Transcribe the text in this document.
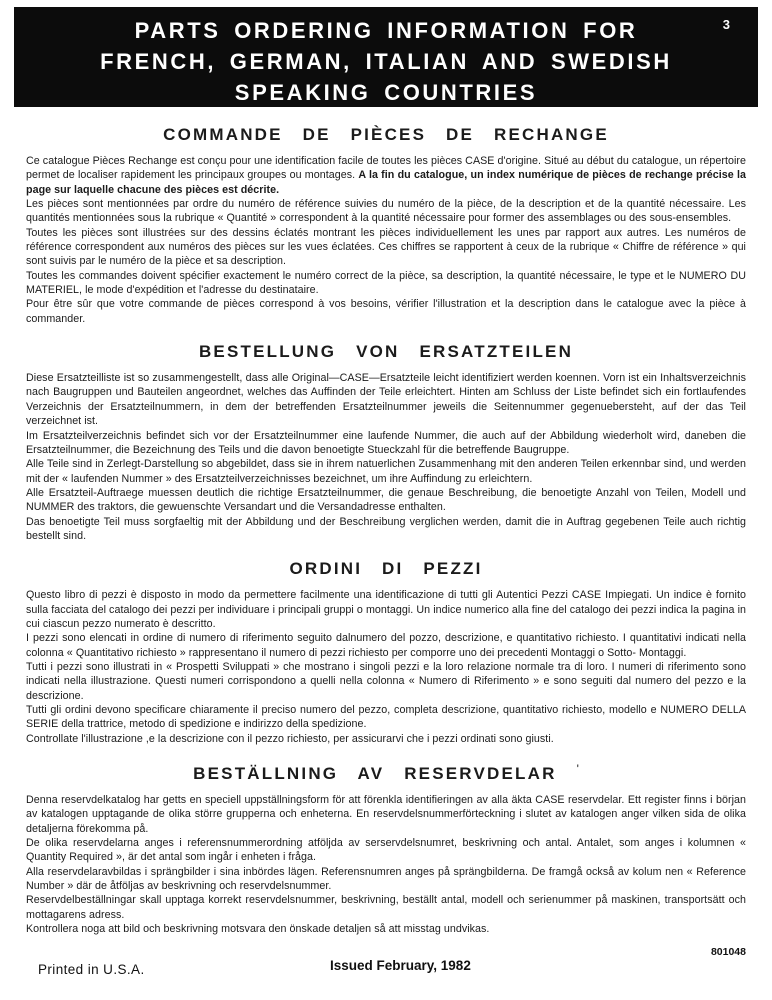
PARTS ORDERING INFORMATION FOR
FRENCH, GERMAN, ITALIAN AND SWEDISH
SPEAKING COUNTRIES
3
COMMANDE DE PIÈCES DE RECHANGE

Ce catalogue Pièces Rechange est conçu pour une identification facile de toutes les pièces CASE d'origine. Situé au début du catalogue, un répertoire permet de localiser rapidement les principaux groupes ou montages. A la fin du catalogue, un index numérique de pièces de rechange précise la page sur laquelle chacune des pièces est décrite.

Les pièces sont mentionnées par ordre du numéro de référence suivies du numéro de la pièce, de la description et de la quantité nécessaire. Les quantités mentionnées sous la rubrique « Quantité » correspondent à la quantité nécessaire pour former des assemblages ou des sous-ensembles.

Toutes les pièces sont illustrées sur des dessins éclatés montrant les pièces individuellement les unes par rapport aux autres. Les numéros de référence correspondent aux numéros des pièces sur les vues éclatées. Ces chiffres se rapportent à ceux de la rubrique « Chiffre de référence » qui sont suivis par le numéro de la pièce et sa description.

Toutes les commandes doivent spécifier exactement le numéro correct de la pièce, sa description, la quantité nécessaire, le type et le NUMERO DU MATERIEL, le mode d'expédition et l'adresse du destinataire.

Pour être sûr que votre commande de pièces correspond à vos besoins, vérifier l'illustration et la description dans le catalogue avec la pièce à commander.

BESTELLUNG VON ERSATZTEILEN

Diese Ersatzteilliste ist so zusammengestellt, dass alle Original—CASE—Ersatzteile leicht identifiziert werden koennen. Vorn ist ein Inhaltsverzeichnis nach Baugruppen und Bauteilen angeordnet, welches das Auffinden der Teile erleichtert. Hinten am Schluss der Liste befindet sich ein fortlaufendes Verzeichnis der Ersatzteilnummern, in dem der betreffenden Ersatzteilnummer jeweils die Seitennummer gegenuebersteht, auf der das Teil verzeichnet ist.

Im Ersatzteilverzeichnis befindet sich vor der Ersatzteilnummer eine laufende Nummer, die auch auf der Abbildung wiederholt wird, daneben die Ersatzteilnummer, die Bezeichnung des Teils und die davon benoetigte Stueckzahl für die betreffende Baugruppe.

Alle Teile sind in Zerlegt-Darstellung so abgebildet, dass sie in ihrem natuerlichen Zusammenhang mit den anderen Teilen erkennbar sind, und werden mit der « laufenden Nummer » des Ersatzteilverzeichnisses bezeichnet, um ihre Auffindung zu erleichtern.

Alle Ersatzteil-Auftraege muessen deutlich die richtige Ersatzteilnummer, die genaue Beschreibung, die benoetigte Anzahl von Teilen, Modell und NUMMER des traktors, die gewuenschte Versandart und die Versandadresse enthalten.

Das benoetigte Teil muss sorgfaeltig mit der Abbildung und der Beschreibung verglichen werden, damit die in Auftrag gegebenen Teile auch richtig bestellt sind.

ORDINI DI PEZZI

Questo libro di pezzi è disposto in modo da permettere facilmente una identificazione di tutti gli Autentici Pezzi CASE Impiegati. Un indice è fornito sulla facciata del catalogo dei pezzi per individuare i principali gruppi o montaggi. Un indice numerico alla fine del catalogo dei pezzi indica la pagina in cui ciascun pezzo numerato è descritto.

I pezzi sono elencati in ordine di numero di riferimento seguito dalnumero del pozzo, descrizione, e quantitativo richiesto. I quantitativi indicati nella colonna « Quantitativo richiesto » rappresentano il numero di pezzi richiesto per comporre uno dei precedenti Montaggi o Sotto- Montaggi.

Tutti i pezzi sono illustrati in « Prospetti Sviluppati » che mostrano i singoli pezzi e la loro relazione normale tra di loro. I numeri di riferimento sono indicati nella illustrazione. Questi numeri corrispondono a quelli nella colonna « Numero di Riferimento » e sono seguiti dal numero del pezzo e la descrizione.

Tutti gli ordini devono specificare chiaramente il preciso numero del pezzo, completa descrizione, quantitativo richiesto, modello e NUMERO DELLA SERIE della trattrice, metodo di spedizione e indirizzo della spedizione.

Controllate l'illustrazione ,e la descrizione con il pezzo richiesto, per assicurarvi che i pezzi ordinati sono giusti.

BESTÄLLNING AV RESERVDELAR '

Denna reservdelkatalog har getts en speciell uppställningsform för att förenkla identifieringen av alla äkta CASE reservdelar. Ett register finns i början av katalogen upptagande de olika större grupperna och enheterna. En reservdelsnummerförteckning i slutet av katalogen anger vilken sida de olika detaljerna förekomma på.

De olika reservdelarna anges i referensnummerordning atföljda av serservdelsnumret, beskrivning och antal. Antalet, som anges i kolumnen « Quantity Required », är det antal som ingår i enheten i fråga.

Alla reservdelaravbildas i sprängbilder i sina inbördes lägen. Referensnumren anges på sprängbilderna. De framgå också av kolum nen « Reference Number » där de åtföljas av beskrivning och reservdelsnummer.

Reservdelbeställningar skall upptaga korrekt reservdelsnummer, beskrivning, beställt antal, modell och serienummer på maskinen, transportsätt och mottagarens adress.

Kontrollera noga att bild och beskrivning motsvara den önskade detaljen så att misstag undvikas.

Printed in U.S.A.	Issued February, 1982
801048
